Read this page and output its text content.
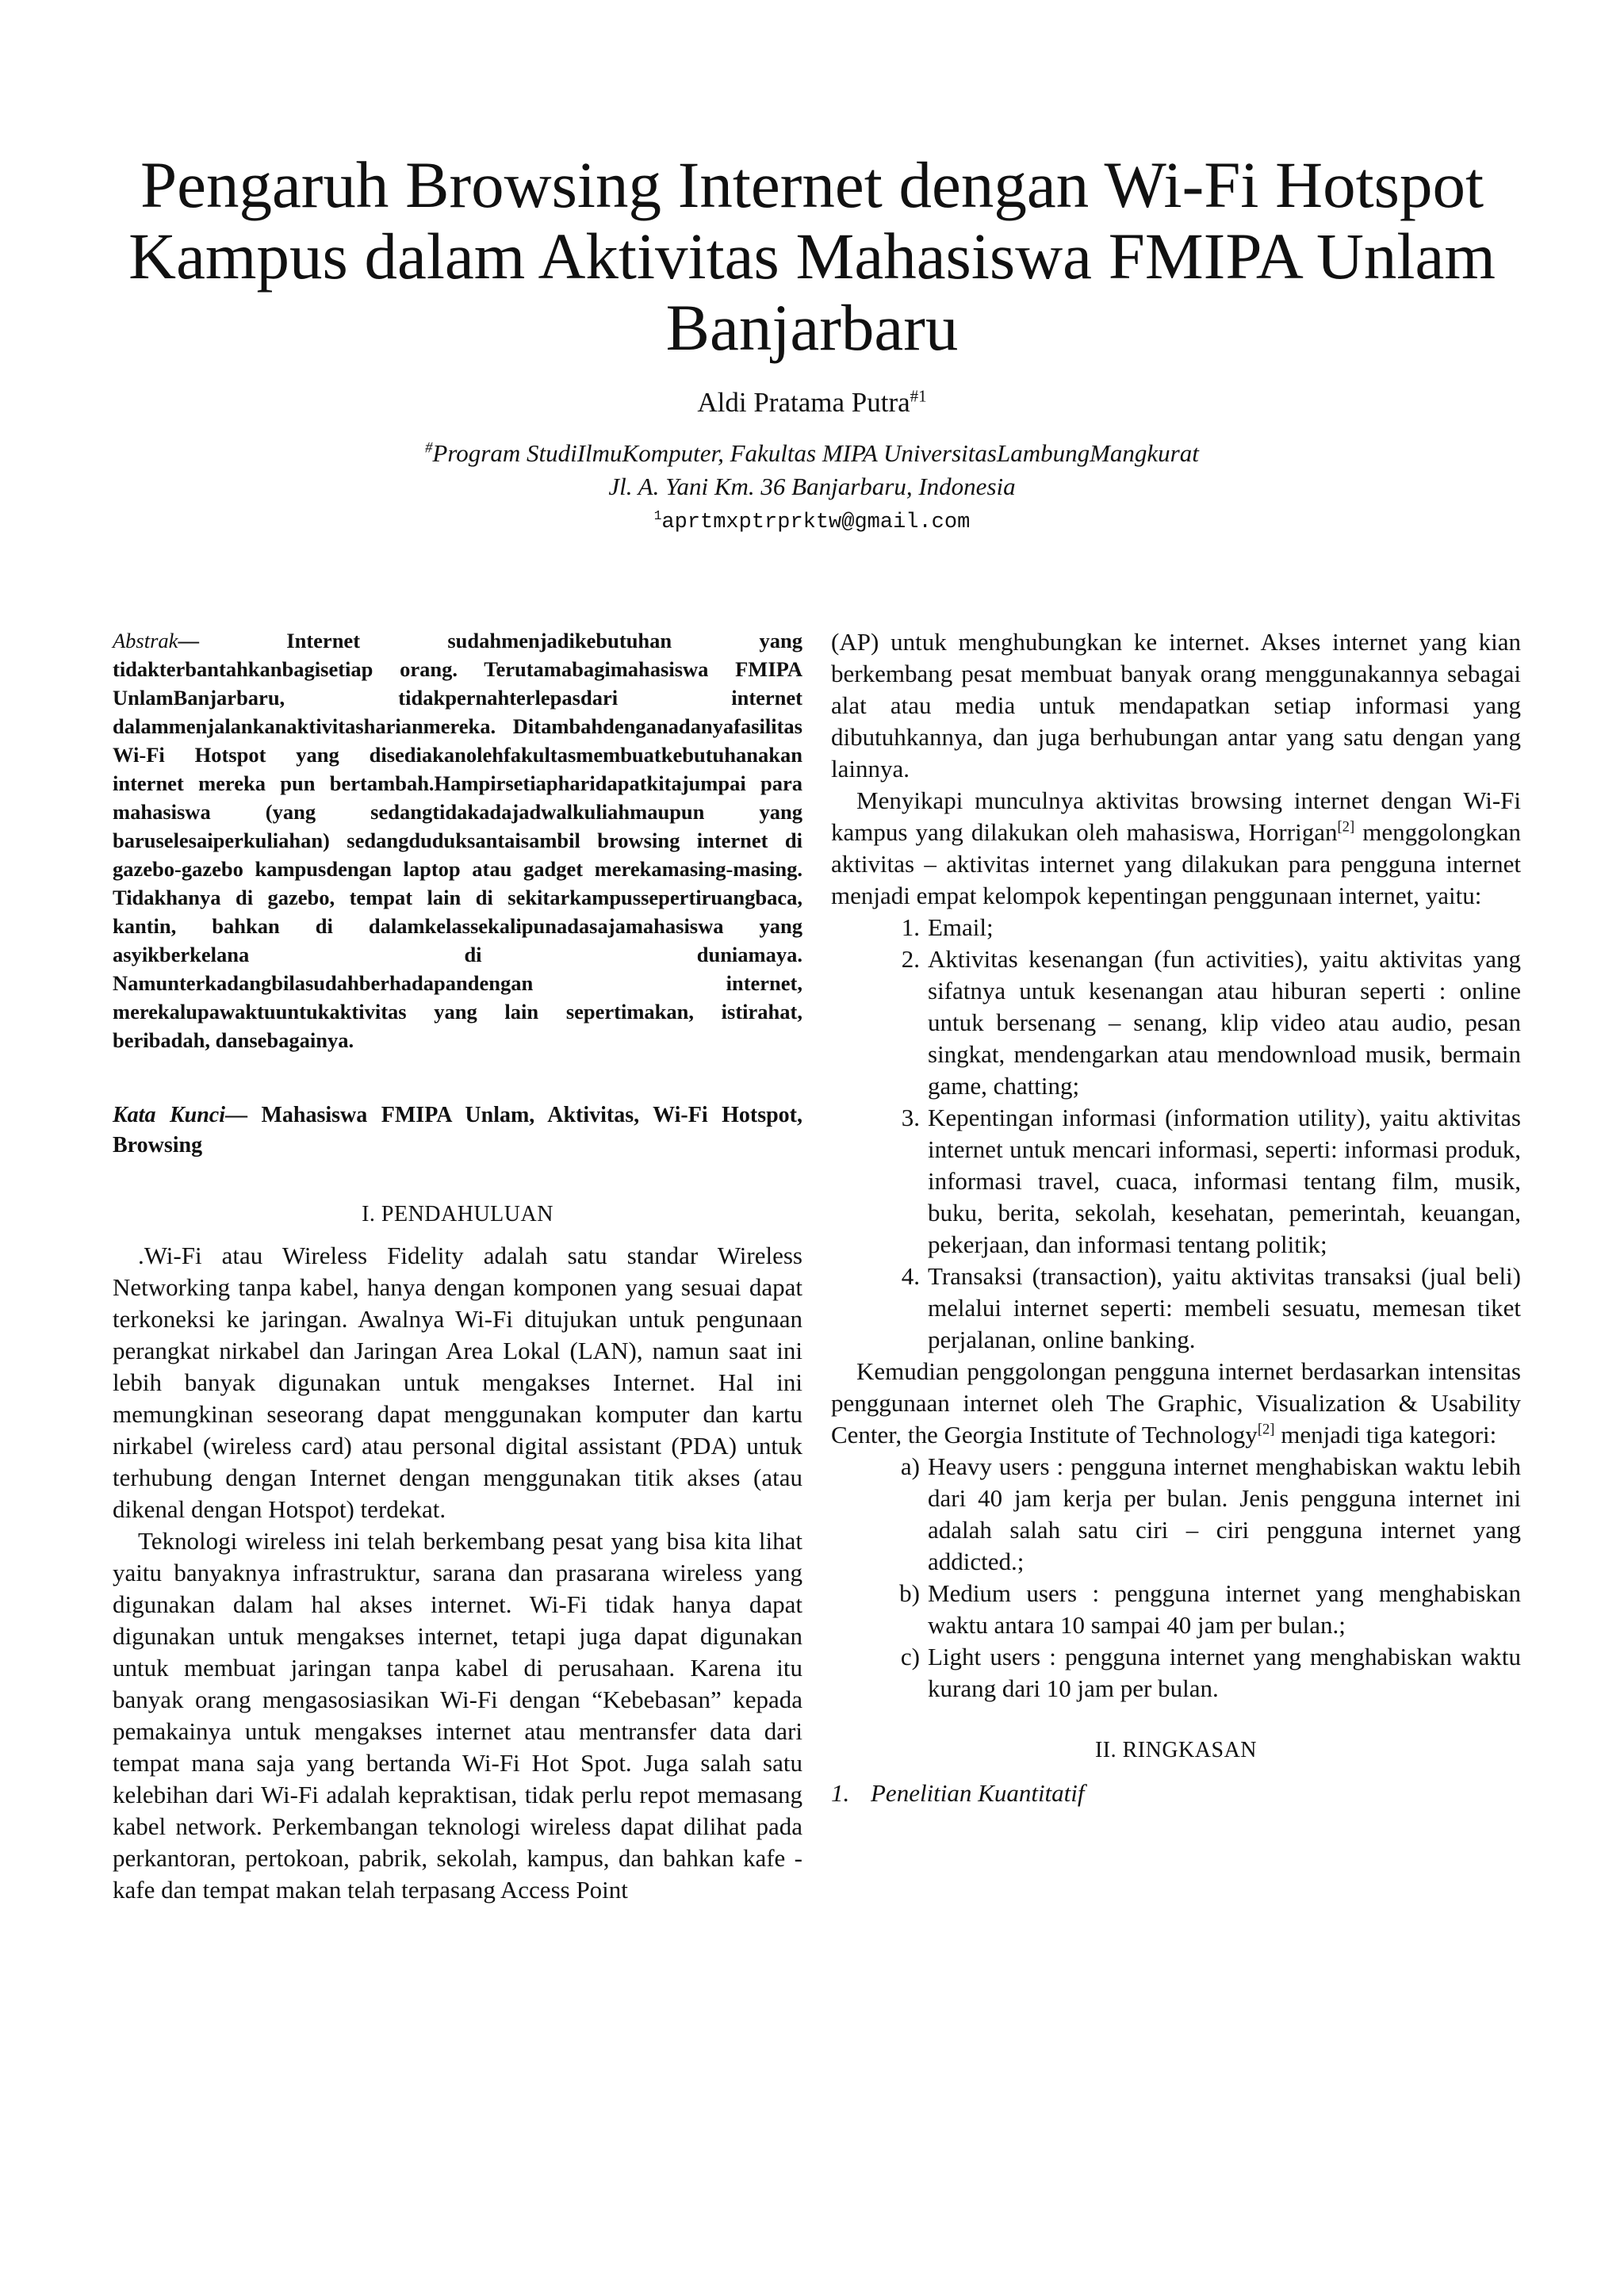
Pengaruh Browsing Internet dengan Wi-Fi Hotspot
Kampus dalam Aktivitas Mahasiswa FMIPA Unlam
Banjarbaru
Aldi Pratama Putra$^{\#1}$
#Program StudiIlmuKomputer, Fakultas MIPA UniversitasLambungMangkurat
Jl. A. Yani Km. 36 Banjarbaru, Indonesia
$^1$aprtmxptrprktw@gmail.com

Abstrak— Internet sudahmenjadikebutuhan yang tidakterbantahkanbagisetiap orang. Terutamabagimahasiswa FMIPA UnlamBanjarbaru, tidakpernahterlepasdari internet dalammenjalankanaktivitasharianmereka. Ditambahdenganadanyafasilitas Wi-Fi Hotspot yang disediakanolehfakultasmembuatkebutuhanakan internet mereka pun bertambah.Hampirsetiapharidapatkitajumpai para mahasiswa (yang sedangtidakadajadwalkuliahmaupun yang baruselesaiperkuliahan) sedangduduksantaisambil browsing internet di gazebo-gazebo kampusdengan laptop atau gadget merekamasing-masing. Tidakhanya di gazebo, tempat lain di sekitarkampussepertiruangbaca, kantin, bahkan di dalamkelassekalipunadasajamahasiswa yang asyikberkelana di duniamaya. Namunterkadangbilasudahberhadapandengan internet, merekalupawaktuuntukaktivitas yang lain sepertimakan, istirahat, beribadah, dansebagainya.

Kata Kunci— Mahasiswa FMIPA Unlam, Aktivitas, Wi-Fi Hotspot, Browsing

I. PENDAHULUAN

.Wi-Fi atau Wireless Fidelity adalah satu standar Wireless Networking tanpa kabel, hanya dengan komponen yang sesuai dapat terkoneksi ke jaringan. Awalnya Wi-Fi ditujukan untuk pengunaan perangkat nirkabel dan Jaringan Area Lokal (LAN), namun saat ini lebih banyak digunakan untuk mengakses Internet. Hal ini memungkinan seseorang dapat menggunakan komputer dan kartu nirkabel (wireless card) atau personal digital assistant (PDA) untuk terhubung dengan Internet dengan menggunakan titik akses (atau dikenal dengan Hotspot) terdekat.

Teknologi wireless ini telah berkembang pesat yang bisa kita lihat yaitu banyaknya infrastruktur, sarana dan prasarana wireless yang digunakan dalam hal akses internet. Wi-Fi tidak hanya dapat digunakan untuk mengakses internet, tetapi juga dapat digunakan untuk membuat jaringan tanpa kabel di perusahaan. Karena itu banyak orang mengasosiasikan Wi-Fi dengan “Kebebasan” kepada pemakainya untuk mengakses internet atau mentransfer data dari tempat mana saja yang bertanda Wi-Fi Hot Spot. Juga salah satu kelebihan dari Wi-Fi adalah kepraktisan, tidak perlu repot memasang kabel network. Perkembangan teknologi wireless dapat dilihat pada perkantoran, pertokoan, pabrik, sekolah, kampus, dan bahkan kafe - kafe dan tempat makan telah terpasang Access Point

(AP) untuk menghubungkan ke internet. Akses internet yang kian berkembang pesat membuat banyak orang menggunakannya sebagai alat atau media untuk mendapatkan setiap informasi yang dibutuhkannya, dan juga berhubungan antar yang satu dengan yang lainnya.

Menyikapi munculnya aktivitas browsing internet dengan Wi-Fi kampus yang dilakukan oleh mahasiswa, Horrigan[2] menggolongkan aktivitas – aktivitas internet yang dilakukan para pengguna internet menjadi empat kelompok kepentingan penggunaan internet, yaitu:

1. Email;
2. Aktivitas kesenangan (fun activities), yaitu aktivitas yang sifatnya untuk kesenangan atau hiburan seperti : online untuk bersenang – senang, klip video atau audio, pesan singkat, mendengarkan atau mendownload musik, bermain game, chatting;
3. Kepentingan informasi (information utility), yaitu aktivitas internet untuk mencari informasi, seperti: informasi produk, informasi travel, cuaca, informasi tentang film, musik, buku, berita, sekolah, kesehatan, pemerintah, keuangan, pekerjaan, dan informasi tentang politik;
4. Transaksi (transaction), yaitu aktivitas transaksi (jual beli) melalui internet seperti: membeli sesuatu, memesan tiket perjalanan, online banking.

Kemudian penggolongan pengguna internet berdasarkan intensitas penggunaan internet oleh The Graphic, Visualization & Usability Center, the Georgia Institute of Technology[2] menjadi tiga kategori:

a) Heavy users : pengguna internet menghabiskan waktu lebih dari 40 jam kerja per bulan. Jenis pengguna internet ini adalah salah satu ciri – ciri pengguna internet yang addicted.;
b) Medium users : pengguna internet yang menghabiskan waktu antara 10 sampai 40 jam per bulan.;
c) Light users : pengguna internet yang menghabiskan waktu kurang dari 10 jam per bulan.
II. RINGKASAN
1. Penelitian Kuantitatif
